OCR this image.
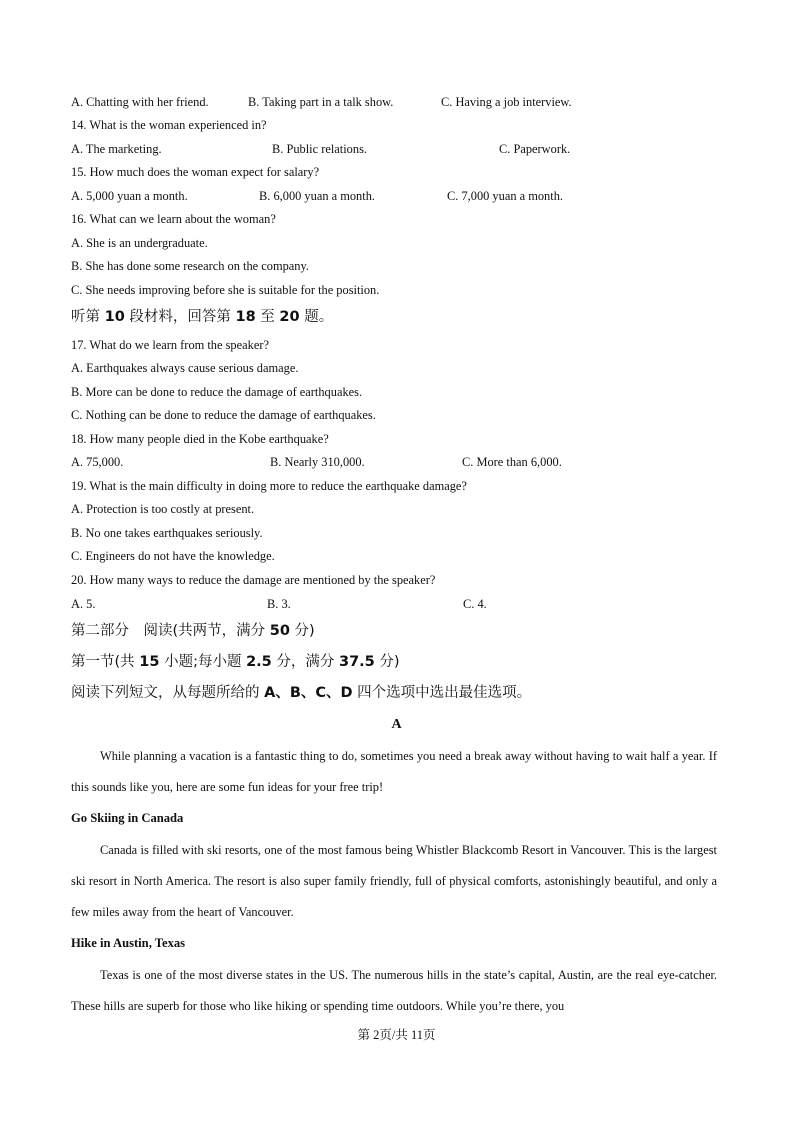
A. Chatting with her friend.	B. Taking part in a talk show.	C. Having a job interview.
14. What is the woman experienced in?
A. The marketing.	B. Public relations.	C. Paperwork.
15. How much does the woman expect for salary?
A. 5,000 yuan a month.	B. 6,000 yuan a month.	C. 7,000 yuan a month.
16. What can we learn about the woman?
A. She is an undergraduate.
B. She has done some research on the company.
C. She needs improving before she is suitable for the position.
听第 10 段材料，回答第 18 至 20 题。
17. What do we learn from the speaker?
A. Earthquakes always cause serious damage.
B. More can be done to reduce the damage of earthquakes.
C. Nothing can be done to reduce the damage of earthquakes.
18. How many people died in the Kobe earthquake?
A. 75,000.	B. Nearly 310,000.	C. More than 6,000.
19. What is the main difficulty in doing more to reduce the earthquake damage?
A. Protection is too costly at present.
B. No one takes earthquakes seriously.
C. Engineers do not have the knowledge.
20. How many ways to reduce the damage are mentioned by the speaker?
A. 5.	B. 3.	C. 4.
第二部分　阅读(共两节，满分 50 分)
第一节(共 15 小题;每小题 2.5 分，满分 37.5 分)
阅读下列短文，从每题所给的 A、B、C、D 四个选项中选出最佳选项。
A
While planning a vacation is a fantastic thing to do, sometimes you need a break away without having to wait half a year. If this sounds like you, here are some fun ideas for your free trip!
Go Skiing in Canada
Canada is filled with ski resorts, one of the most famous being Whistler Blackcomb Resort in Vancouver. This is the largest ski resort in North America. The resort is also super family friendly, full of physical comforts, astonishingly beautiful, and only a few miles away from the heart of Vancouver.
Hike in Austin, Texas
Texas is one of the most diverse states in the US. The numerous hills in the state’s capital, Austin, are the real eye-catcher. These hills are superb for those who like hiking or spending time outdoors. While you’re there, you
第 2页/共 11页
